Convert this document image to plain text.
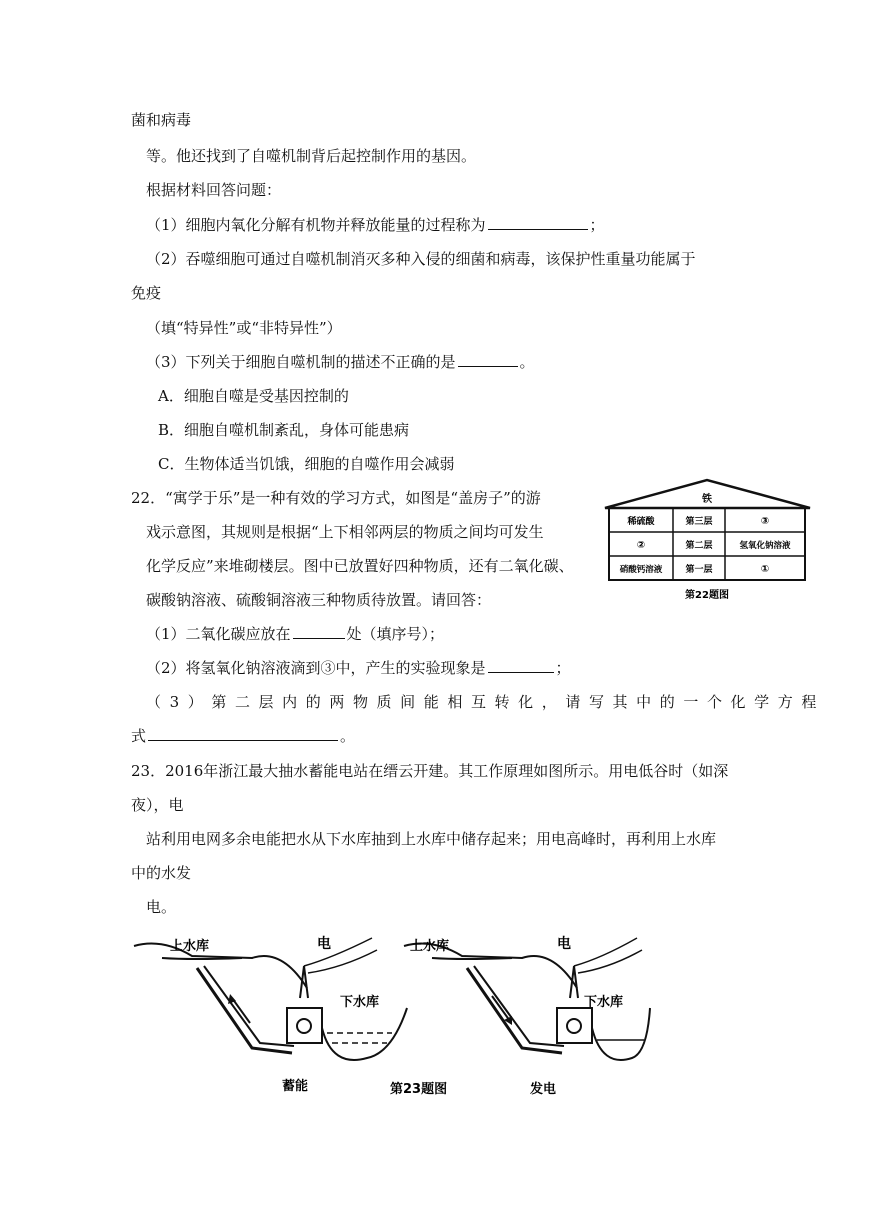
菌和病毒
等。他还找到了自噬机制背后起控制作用的基因。
根据材料回答问题：
（1）细胞内氧化分解有机物并释放能量的过程称为	；
（2）吞噬细胞可通过自噬机制消灭多种入侵的细菌和病毒，该保护性重量功能属于
免疫
（填“特异性”或“非特异性”）
（3）下列关于细胞自噬机制的描述不正确的是	。
A．细胞自噬是受基因控制的
B．细胞自噬机制紊乱，身体可能患病
C．生物体适当饥饿，细胞的自噬作用会减弱
22．“寓学于乐”是一种有效的学习方式，如图是“盖房子”的游
戏示意图，其规则是根据“上下相邻两层的物质之间均可发生
化学反应”来堆砌楼层。图中已放置好四种物质，还有二氧化碳、
碳酸钠溶液、硫酸铜溶液三种物质待放置。请回答：
（1）二氧化碳应放在	处（填序号）；
（2）将氢氧化钠溶液滴到③中，产生的实验现象是	；
（3）第二层内的两物质间能相互转化，请写其中的一个化学方程
式	。
23．2016年浙江最大抽水蓄能电站在缙云开建。其工作原理如图所示。用电低谷时（如深
夜），电
站利用电网多余电能把水从下水库抽到上水库中储存起来；用电高峰时，再利用上水库
中的水发
电。
铁
稀硫酸	第三层	③
②	第二层	氢氧化钠溶液
硝酸钙溶液	第一层	①
第22题图
上水库	电
下水库
蓄能
上水库	电
下水库
发电
第23题图
